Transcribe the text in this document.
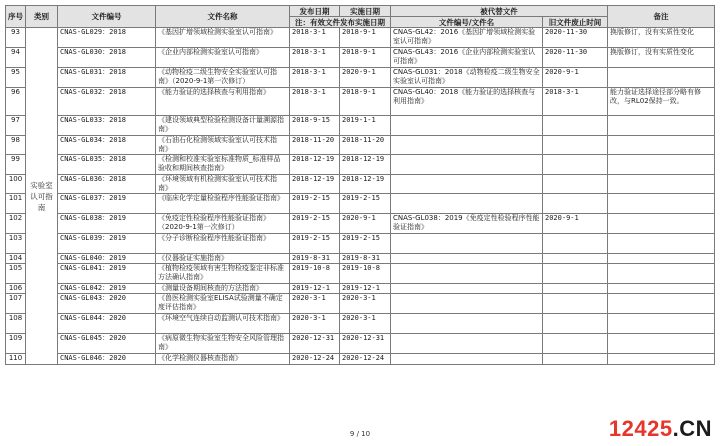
序号	类别	文件编号	文件名称	发布日期	实施日期	被代替文件		备注
				注：有效文件发布实施日期		文件编号/文件名	旧文件废止时间	
93	实验室认可指南	CNAS-GL029：2018	《基因扩增领域检测实验室认可指南》	2018-3-1	2018-9-1	CNAS-GL42：2016《基因扩增领域检测实验室认可指南》	2020-11-30	换版修订，没有实质性变化
94		CNAS-GL030：2018	《企业内部检测实验室认可指南》	2018-3-1	2018-9-1	CNAS-GL43：2016《企业内部检测实验室认可指南》	2020-11-30	换版修订，没有实质性变化
95		CNAS-GL031：2018	《动物检疫二级生物安全实验室认可指南》（2020-9-1第一次修订）	2018-3-1	2020-9-1	CNAS-GL031：2018《动物检疫二级生物安全实验室认可指南》	2020-9-1	
96		CNAS-GL032：2018	《能力验证的选择核查与利用指南》	2018-3-1	2018-9-1	CNAS-GL40：2018《能力验证的选择核查与利用指南》	2018-3-1	能力验证选择途径部分略有修改，与RL02保持一致。
97		CNAS-GL033：2018	《建设领域典型检验检测设备计量溯源指南》	2018-9-15	2019-1-1			
98		CNAS-GL034：2018	《石油石化检测领域实验室认可技术指南》	2018-11-20	2018-11-20			
99		CNAS-GL035：2018	《检测和校准实验室标准物质_标准样品验收和期间核查指南》	2018-12-19	2018-12-19			
100		CNAS-GL036：2018	《环境领域有机检测实验室认可技术指南》	2018-12-19	2018-12-19			
101		CNAS-GL037：2019	《临床化学定量检验程序性能验证指南》	2019-2-15	2019-2-15			
102		CNAS-GL038：2019	《免疫定性检验程序性能验证指南》（2020-9-1第一次修订）	2019-2-15	2020-9-1	CNAS-GL038：2019《免疫定性检验程序性能验证指南》	2020-9-1	
103		CNAS-GL039：2019	《分子诊断检验程序性能验证指南》	2019-2-15	2019-2-15			
104		CNAS-GL040：2019	《仪器验证实施指南》	2019-8-31	2019-8-31			
105		CNAS-GL041：2019	《植物检疫领域有害生物检疫鉴定非标准方法确认指南》	2019-10-8	2019-10-8			
106		CNAS-GL042：2019	《测量设备期间核查的方法指南》	2019-12-1	2019-12-1			
107		CNAS-GL043：2020	《兽医检测实验室ELISA试验测量不确定度评估指南》	2020-3-1	2020-3-1			
108		CNAS-GL044：2020	《环境空气连续自动监测认可技术指南》	2020-3-1	2020-3-1			
109		CNAS-GL045：2020	《病原微生物实验室生物安全风险管理指南》	2020-12-31	2020-12-31			
110		CNAS-GL046：2020	《化学检测仪器核查指南》	2020-12-24	2020-12-24			
9 / 10	12425.CN
